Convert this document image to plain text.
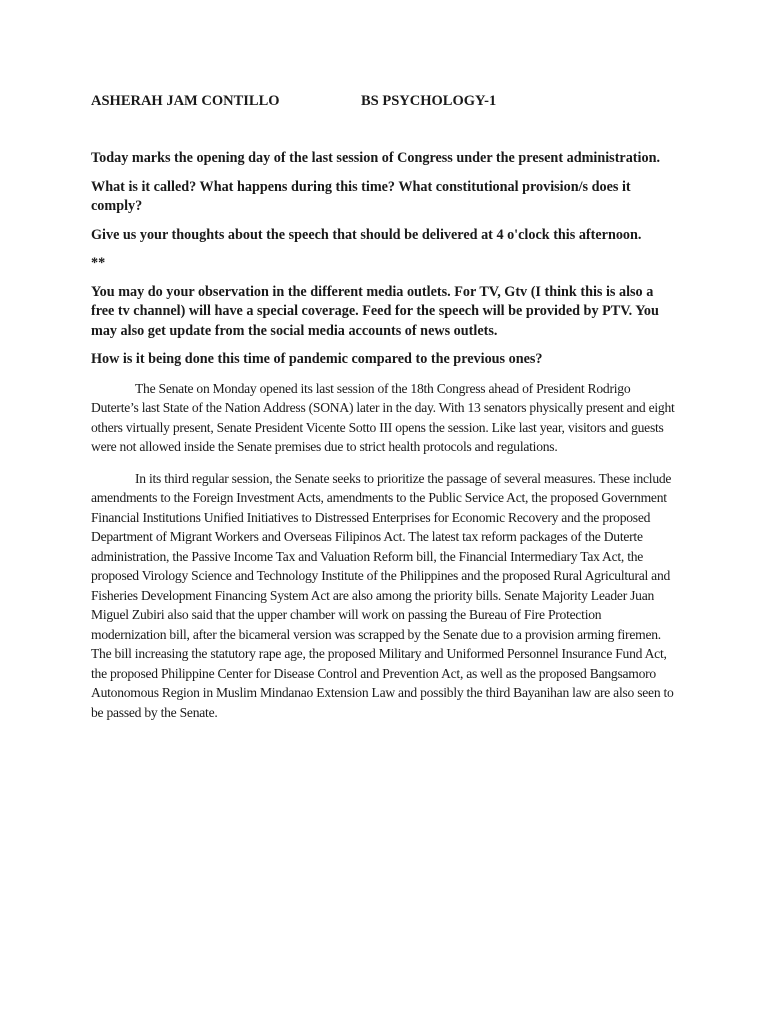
ASHERAH JAM CONTILLO	BS PSYCHOLOGY-1

Today marks the opening day of the last session of Congress under the present administration.

What is it called? What happens during this time? What constitutional provision/s does it comply?

Give us your thoughts about the speech that should be delivered at 4 o'clock this afternoon.

**

You may do your observation in the different media outlets. For TV, Gtv (I think this is also a free tv channel) will have a special coverage. Feed for the speech will be provided by PTV. You may also get update from the social media accounts of news outlets.

How is it being done this time of pandemic compared to the previous ones?

The Senate on Monday opened its last session of the 18th Congress ahead of President Rodrigo Duterte’s last State of the Nation Address (SONA) later in the day. With 13 senators physically present and eight others virtually present, Senate President Vicente Sotto III opens the session. Like last year, visitors and guests were not allowed inside the Senate premises due to strict health protocols and regulations.

In its third regular session, the Senate seeks to prioritize the passage of several measures. These include amendments to the Foreign Investment Acts, amendments to the Public Service Act, the proposed Government Financial Institutions Unified Initiatives to Distressed Enterprises for Economic Recovery and the proposed Department of Migrant Workers and Overseas Filipinos Act. The latest tax reform packages of the Duterte administration, the Passive Income Tax and Valuation Reform bill, the Financial Intermediary Tax Act, the proposed Virology Science and Technology Institute of the Philippines and the proposed Rural Agricultural and Fisheries Development Financing System Act are also among the priority bills. Senate Majority Leader Juan Miguel Zubiri also said that the upper chamber will work on passing the Bureau of Fire Protection modernization bill, after the bicameral version was scrapped by the Senate due to a provision arming firemen. The bill increasing the statutory rape age, the proposed Military and Uniformed Personnel Insurance Fund Act, the proposed Philippine Center for Disease Control and Prevention Act, as well as the proposed Bangsamoro Autonomous Region in Muslim Mindanao Extension Law and possibly the third Bayanihan law are also seen to be passed by the Senate.
